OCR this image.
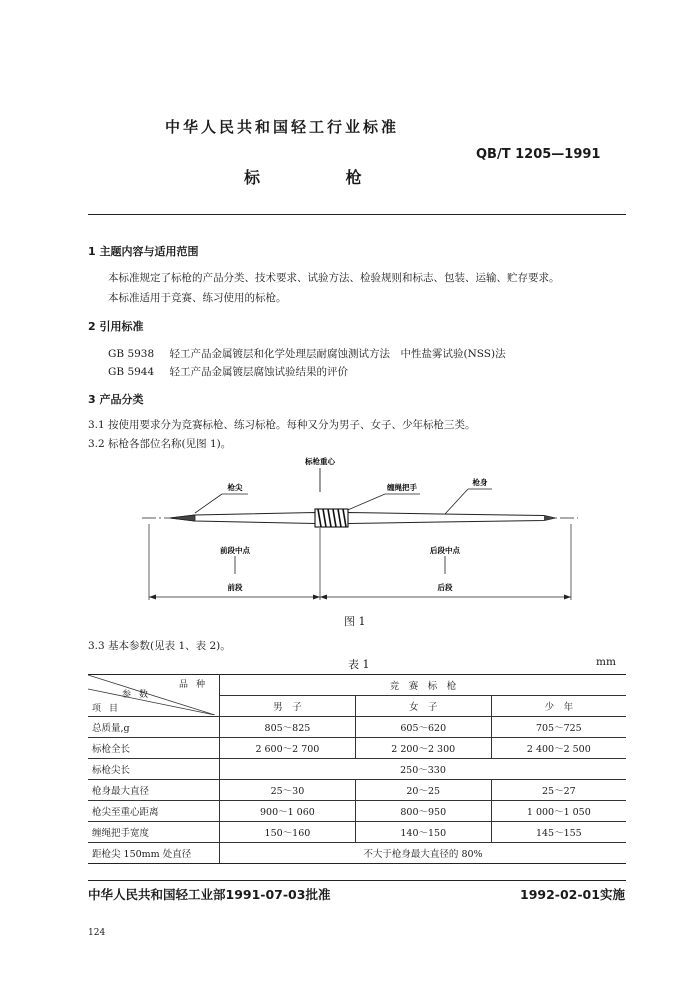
中华人民共和国轻工行业标准
QB/T 1205—1991
标 枪
1 主题内容与适用范围
本标准规定了标枪的产品分类、技术要求、试验方法、检验规则和标志、包装、运输、贮存要求。
本标准适用于竞赛、练习使用的标枪。
2 引用标准
GB 5938 轻工产品金属镀层和化学处理层耐腐蚀测试方法　中性盐雾试验(NSS)法
GB 5944 轻工产品金属镀层腐蚀试验结果的评价
3 产品分类
3.1 按使用要求分为竞赛标枪、练习标枪。每种又分为男子、女子、少年标枪三类。
3.2 标枪各部位名称(见图 1)。
标枪重心
枪尖	缠绳把手
枪身
前段中点	后段中点
前段	后段
图 1
3.3 基本参数(见表 1、表 2)。
表 1	mm
品种
参数
项目	竞　赛　标　枪		
	男　子	女　子	少　年
总质量,g	805～825	605～620	705～725
标枪全长	2 600～2 700	2 200～2 300	2 400～2 500
标枪尖长	250～330		
枪身最大直径	25～30	20～25	25～27
枪尖至重心距离	900～1 060	800～950	1 000～1 050
缠绳把手宽度	150～160	140～150	145～155
距枪尖 150mm 处直径	不大于枪身最大直径的 80%		
中华人民共和国轻工业部1991-07-03批准	1992-02-01实施
124
